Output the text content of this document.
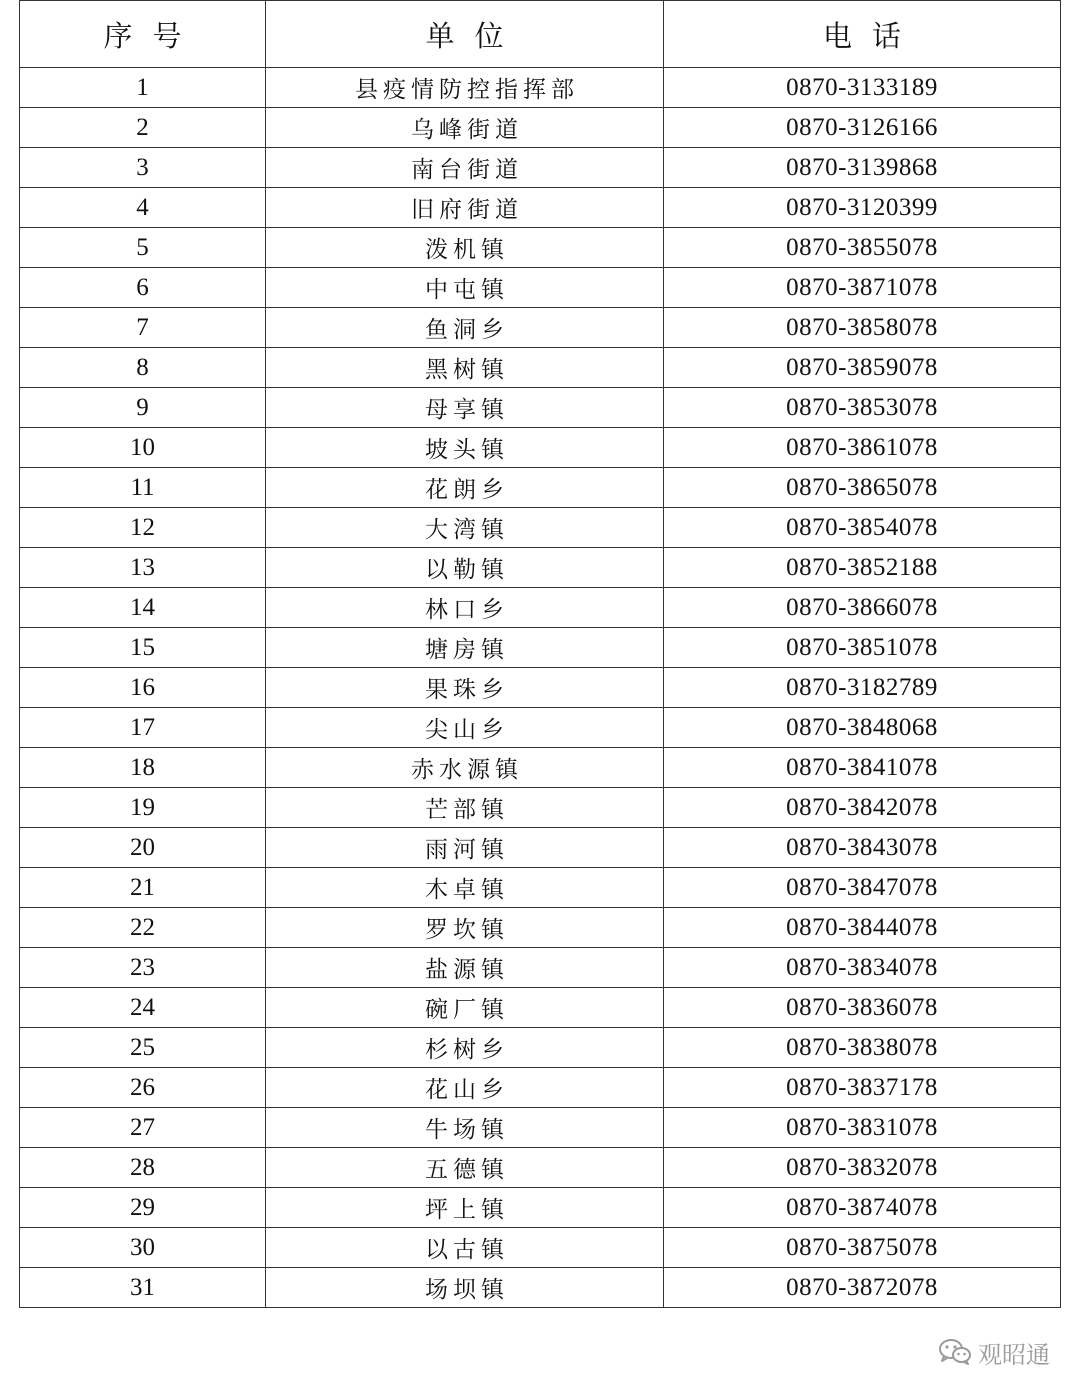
序号	单位	电话
1	县疫情防控指挥部	0870-3133189
2	乌峰街道	0870-3126166
3	南台街道	0870-3139868
4	旧府街道	0870-3120399
5	泼机镇	0870-3855078
6	中屯镇	0870-3871078
7	鱼洞乡	0870-3858078
8	黑树镇	0870-3859078
9	母享镇	0870-3853078
10	坡头镇	0870-3861078
11	花朗乡	0870-3865078
12	大湾镇	0870-3854078
13	以勒镇	0870-3852188
14	林口乡	0870-3866078
15	塘房镇	0870-3851078
16	果珠乡	0870-3182789
17	尖山乡	0870-3848068
18	赤水源镇	0870-3841078
19	芒部镇	0870-3842078
20	雨河镇	0870-3843078
21	木卓镇	0870-3847078
22	罗坎镇	0870-3844078
23	盐源镇	0870-3834078
24	碗厂镇	0870-3836078
25	杉树乡	0870-3838078
26	花山乡	0870-3837178
27	牛场镇	0870-3831078
28	五德镇	0870-3832078
29	坪上镇	0870-3874078
30	以古镇	0870-3875078
31	场坝镇	0870-3872078
观昭通
